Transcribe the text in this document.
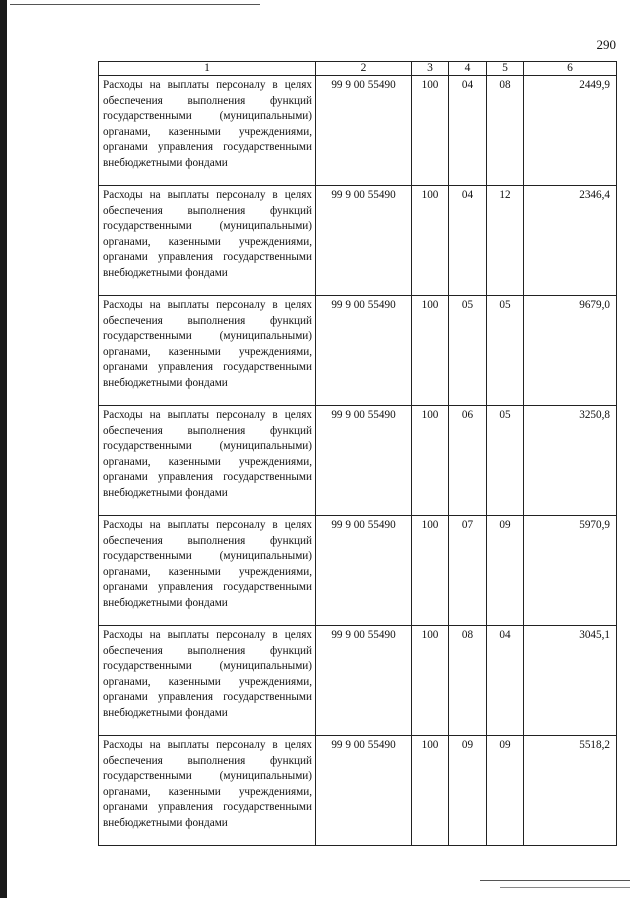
290
1	2	3	4	5	6
Расходы на выплаты персоналу в целях обеспечения выполнения функций государственными (муниципальными) органами, казенными учреждениями, органами управления государственными внебюджетными фондами	99 9 00 55490	100	04	08	2449,9
Расходы на выплаты персоналу в целях обеспечения выполнения функций государственными (муниципальными) органами, казенными учреждениями, органами управления государственными внебюджетными фондами	99 9 00 55490	100	04	12	2346,4
Расходы на выплаты персоналу в целях обеспечения выполнения функций государственными (муниципальными) органами, казенными учреждениями, органами управления государственными внебюджетными фондами	99 9 00 55490	100	05	05	9679,0
Расходы на выплаты персоналу в целях обеспечения выполнения функций государственными (муниципальными) органами, казенными учреждениями, органами управления государственными внебюджетными фондами	99 9 00 55490	100	06	05	3250,8
Расходы на выплаты персоналу в целях обеспечения выполнения функций государственными (муниципальными) органами, казенными учреждениями, органами управления государственными внебюджетными фондами	99 9 00 55490	100	07	09	5970,9
Расходы на выплаты персоналу в целях обеспечения выполнения функций государственными (муниципальными) органами, казенными учреждениями, органами управления государственными внебюджетными фондами	99 9 00 55490	100	08	04	3045,1
Расходы на выплаты персоналу в целях обеспечения выполнения функций государственными (муниципальными) органами, казенными учреждениями, органами управления государственными внебюджетными фондами	99 9 00 55490	100	09	09	5518,2
